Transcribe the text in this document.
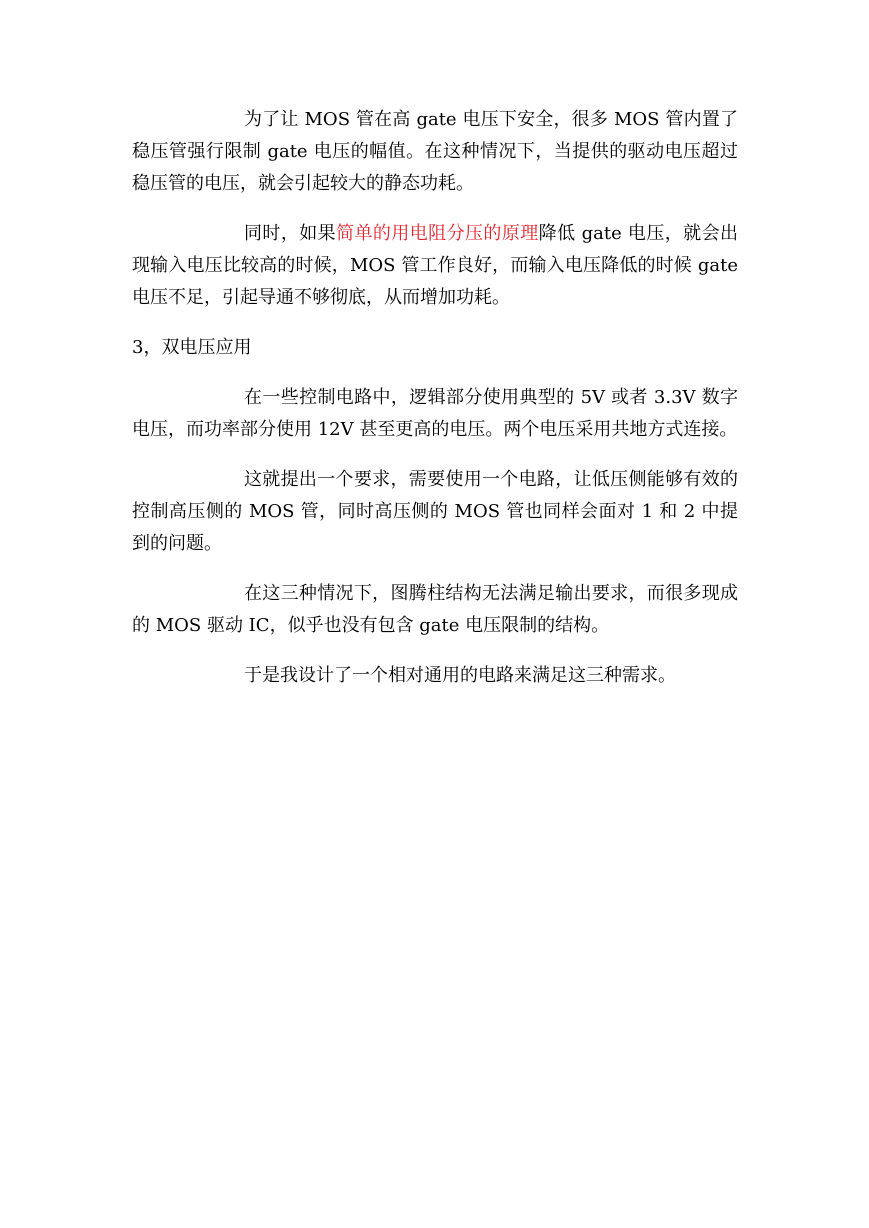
为了让 MOS 管在高 gate 电压下安全，很多 MOS 管内置了稳压管强行限制 gate 电压的幅值。在这种情况下，当提供的驱动电压超过稳压管的电压，就会引起较大的静态功耗。

同时，如果简单的用电阻分压的原理降低 gate 电压，就会出现输入电压比较高的时候，MOS 管工作良好，而输入电压降低的时候 gate 电压不足，引起导通不够彻底，从而增加功耗。

3，双电压应用

在一些控制电路中，逻辑部分使用典型的 5V 或者 3.3V 数字电压，而功率部分使用 12V 甚至更高的电压。两个电压采用共地方式连接。

这就提出一个要求，需要使用一个电路，让低压侧能够有效的控制高压侧的 MOS 管，同时高压侧的 MOS 管也同样会面对 1 和 2 中提到的问题。

在这三种情况下，图腾柱结构无法满足输出要求，而很多现成的 MOS 驱动 IC，似乎也没有包含 gate 电压限制的结构。

于是我设计了一个相对通用的电路来满足这三种需求。
